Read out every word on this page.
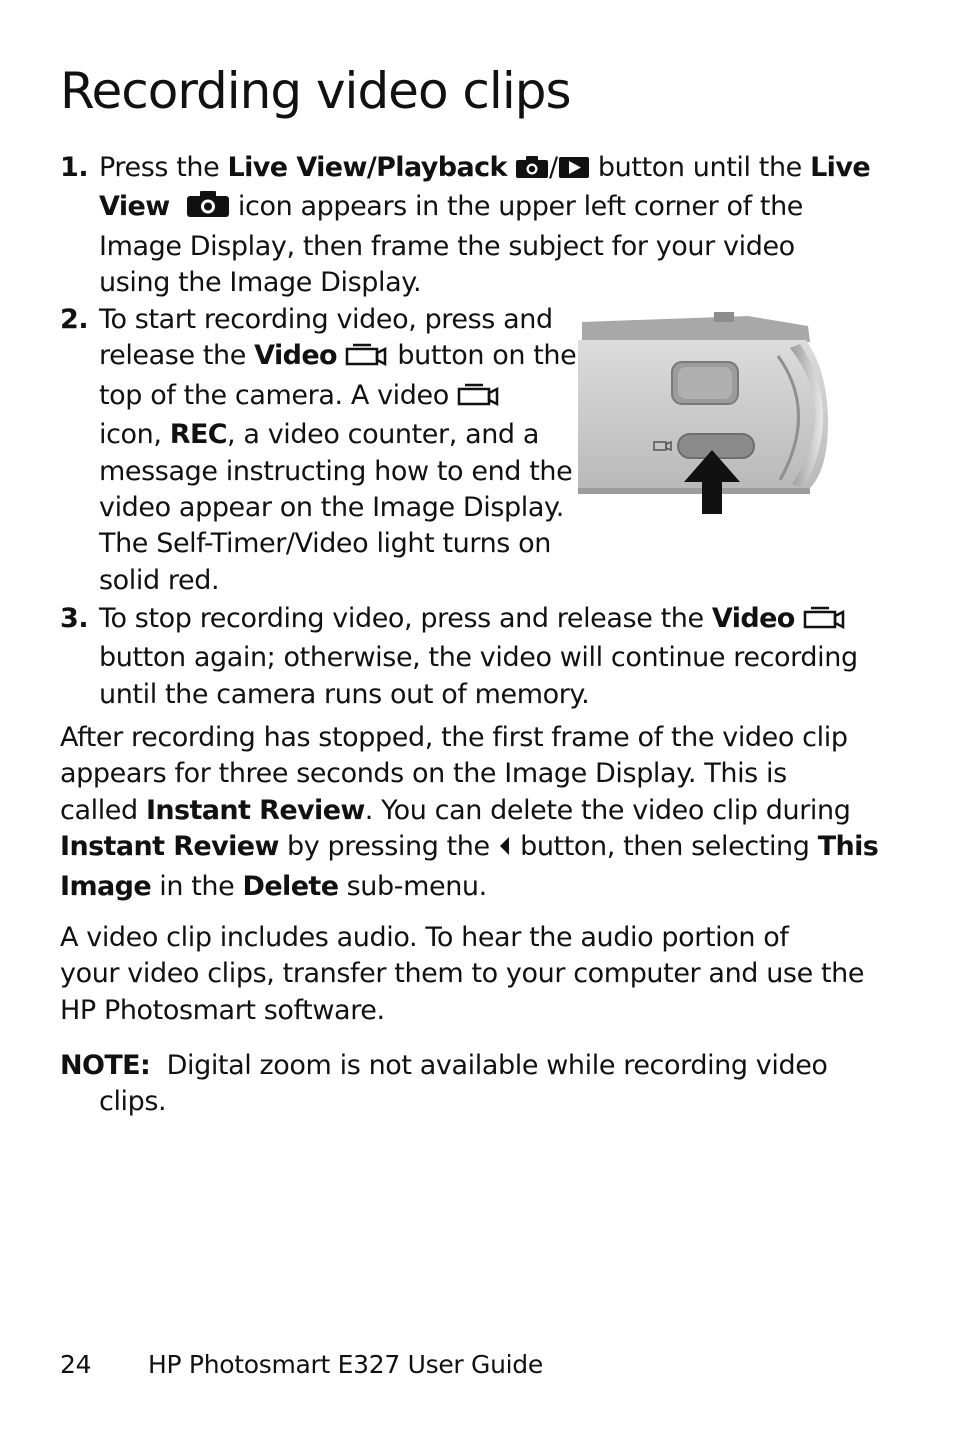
Recording video clips
1. Press the Live View/Playback / button until the Live
View  icon appears in the upper left corner of the
Image Display, then frame the subject for your video
using the Image Display.
2. To start recording video, press and
release the Video  button on the
top of the camera. A video
icon, REC, a video counter, and a
message instructing how to end the
video appear on the Image Display.
The Self-Timer/Video light turns on
solid red.
3. To stop recording video, press and release the Video
button again; otherwise, the video will continue recording
until the camera runs out of memory.
After recording has stopped, the first frame of the video clip
appears for three seconds on the Image Display. This is
called Instant Review. You can delete the video clip during
Instant Review by pressing the  button, then selecting This
Image in the Delete sub-menu.
A video clip includes audio. To hear the audio portion of
your video clips, transfer them to your computer and use the
HP Photosmart software.
NOTE:  Digital zoom is not available while recording video
clips.
24 HP Photosmart E327 User Guide
